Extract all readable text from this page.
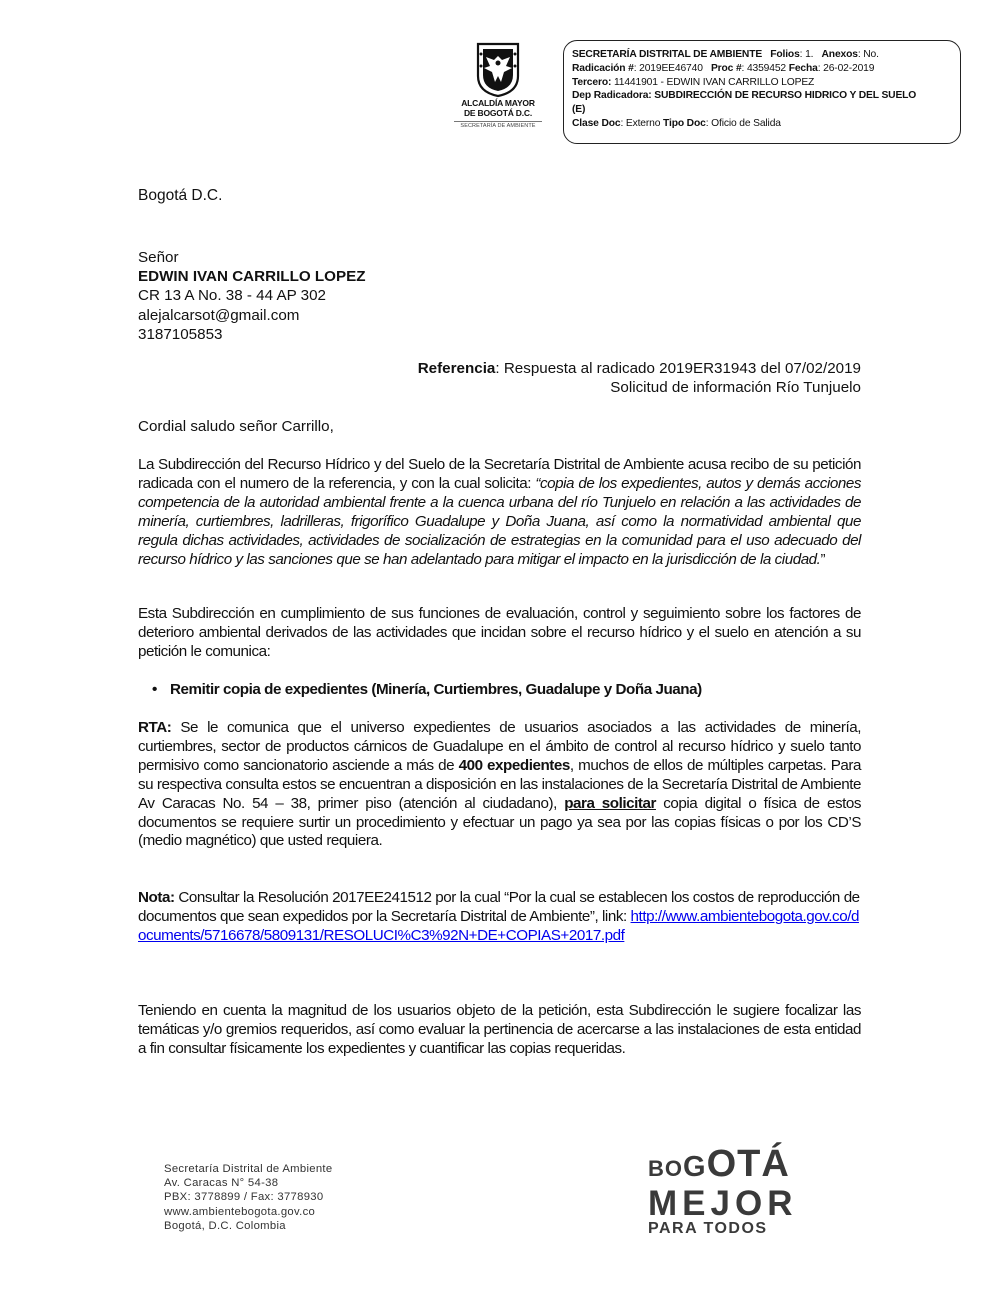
ALCALDÍA MAYOR
DE BOGOTÁ D.C.
SECRETARÍA DE AMBIENTE
SECRETARÍA DISTRITAL DE AMBIENTE Folios: 1. Anexos: No.
Radicación #: 2019EE46740 Proc #: 4359452 Fecha: 26-02-2019
Tercero: 11441901 - EDWIN IVAN CARRILLO LOPEZ
Dep Radicadora: SUBDIRECCIÓN DE RECURSO HIDRICO Y DEL SUELO
(E)
Clase Doc: Externo Tipo Doc: Oficio de Salida
Bogotá D.C.
Señor
EDWIN IVAN CARRILLO LOPEZ
CR 13 A No. 38 - 44 AP 302
alejalcarsot@gmail.com
3187105853
Referencia: Respuesta al radicado 2019ER31943 del 07/02/2019
Solicitud de información Río Tunjuelo
Cordial saludo señor Carrillo,
La Subdirección del Recurso Hídrico y del Suelo de la Secretaría Distrital de Ambiente acusa recibo de su petición radicada con el numero de la referencia, y con la cual solicita: “copia de los expedientes, autos y demás acciones competencia de la autoridad ambiental frente a la cuenca urbana del río Tunjuelo en relación a las actividades de minería, curtiembres, ladrilleras, frigorífico Guadalupe y Doña Juana, así como la normatividad ambiental que regula dichas actividades, actividades de socialización de estrategias en la comunidad para el uso adecuado del recurso hídrico y las sanciones que se han adelantado para mitigar el impacto en la jurisdicción de la ciudad.”
Esta Subdirección en cumplimiento de sus funciones de evaluación, control y seguimiento sobre los factores de deterioro ambiental derivados de las actividades que incidan sobre el recurso hídrico y el suelo en atención a su petición le comunica:
• Remitir copia de expedientes (Minería, Curtiembres, Guadalupe y Doña Juana)
RTA: Se le comunica que el universo expedientes de usuarios asociados a las actividades de minería, curtiembres, sector de productos cárnicos de Guadalupe en el ámbito de control al recurso hídrico y suelo tanto permisivo como sancionatorio asciende a más de 400 expedientes, muchos de ellos de múltiples carpetas. Para su respectiva consulta estos se encuentran a disposición en las instalaciones de la Secretaría Distrital de Ambiente Av Caracas No. 54 – 38, primer piso (atención al ciudadano), para solicitar copia digital o física de estos documentos se requiere surtir un procedimiento y efectuar un pago ya sea por las copias físicas o por los CD’S (medio magnético) que usted requiera.
Nota: Consultar la Resolución 2017EE241512 por la cual “Por la cual se establecen los costos de reproducción de documentos que sean expedidos por la Secretaría Distrital de Ambiente”, link: http://www.ambientebogota.gov.co/documents/5716678/5809131/RESOLUCI%C3%92N+DE+COPIAS+2017.pdf
Teniendo en cuenta la magnitud de los usuarios objeto de la petición, esta Subdirección le sugiere focalizar las temáticas y/o gremios requeridos, así como evaluar la pertinencia de acercarse a las instalaciones de esta entidad a fin consultar físicamente los expedientes y cuantificar las copias requeridas.
Secretaría Distrital de Ambiente
Av. Caracas N° 54-38
PBX: 3778899 / Fax: 3778930
www.ambientebogota.gov.co
Bogotá, D.C. Colombia
BOGOTÁ
MEJOR
PARA TODOS
